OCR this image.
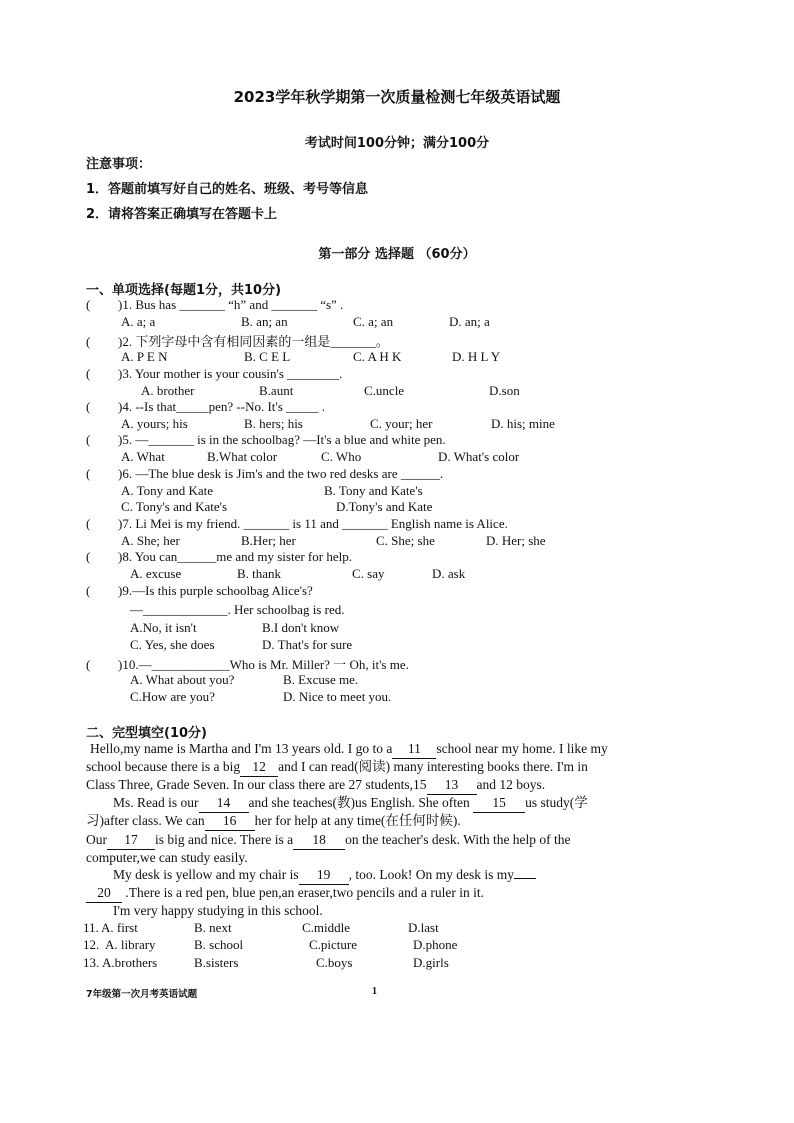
2023学年秋学期第一次质量检测七年级英语试题
考试时间100分钟；满分100分
注意事项：
1．答题前填写好自己的姓名、班级、考号等信息
2．请将答案正确填写在答题卡上
第一部分 选择题 （60分）
一、单项选择(每题1分，共10分)
( )1. Bus has _______ “h” and _______ “s” .
A. a; a	B. an; an	C. a; an	D. an; a
( )2. 下列字母中含有相同因素的一组是_______。
A. P E N	B. C E L	C. A H K	D. H L Y
( )3. Your mother is your cousin's ________.
A. brother	B.aunt	C.uncle	D.son
( )4. --Is that_____pen? --No. It's _____ .
A. yours; his	B. hers; his	C. your; her	D. his; mine
( )5. —_______ is in the schoolbag? —It's a blue and white pen.
A. What	B.What color	C. Who	D. What's color
( )6. —The blue desk is Jim's and the two red desks are ______.
A. Tony and Kate	B. Tony and Kate's
C. Tony's and Kate's	D.Tony's and Kate
( )7. Li Mei is my friend. _______ is 11 and _______ English name is Alice.
A. She; her	B.Her; her	C. She; she	D. Her; she
( )8. You can______me and my sister for help.
A. excuse	B. thank	C. say	D. ask
( )9.—Is this purple schoolbag Alice's?
—_____________. Her schoolbag is red.
A.No, it isn't	B.I don't know
C. Yes, she does	D. That's for sure
( )10.—____________Who is Mr. Miller? 一 Oh, it's me.
A. What about you?	B. Excuse me.
C.How are you?	D. Nice to meet you.
二、完型填空(10分)
Hello,my name is Martha and I'm 13 years old. I go to a 11 school near my home. I like my
school because there is a big 12 and I can read(阅读) many interesting books there. I'm in
Class Three, Grade Seven. In our class there are 27 students,15 13 and 12 boys.
Ms. Read is our 14 and she teaches(教)us English. She often 15 us study(学
习)after class. We can 16 her for help at any time(在任何时候).
Our 17 is big and nice. There is a 18 on the teacher's desk. With the help of the
computer,we can study easily.
My desk is yellow and my chair is 19 , too. Look! On my desk is my
20 .There is a red pen, blue pen,an eraser,two pencils and a ruler in it.
I'm very happy studying in this school.
11. A. first	B. next	C.middle	D.last
12. A. library	B. school	C.picture	D.phone
13. A.brothers	B.sisters	C.boys	D.girls
7年级第一次月考英语试题	1
